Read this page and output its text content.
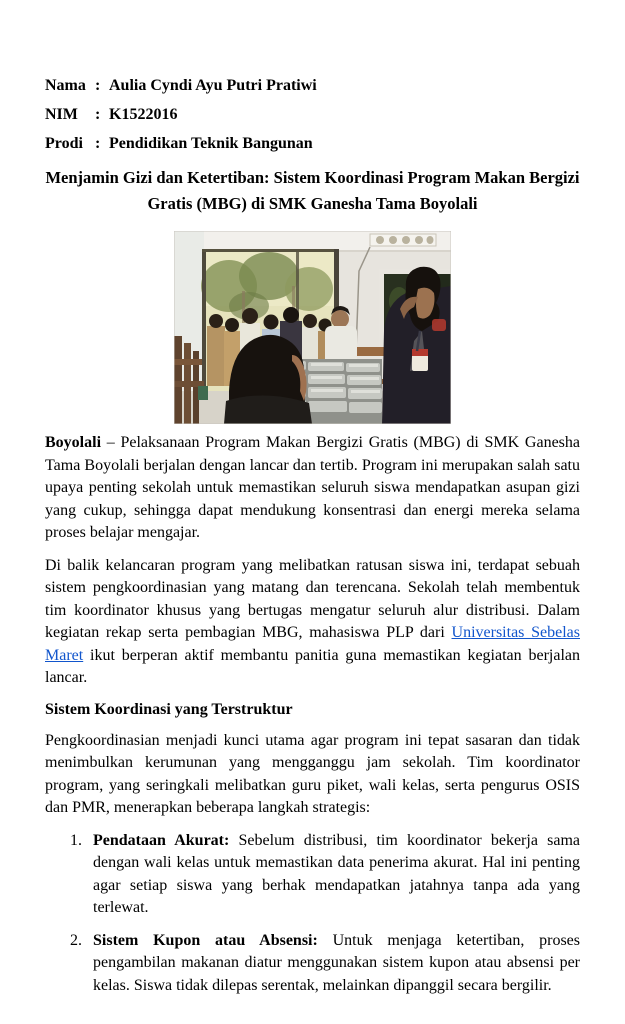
Nama : Aulia Cyndi Ayu Putri Pratiwi
NIM	: K1522016
Prodi : Pendidikan Teknik Bangunan
Menjamin Gizi dan Ketertiban: Sistem Koordinasi Program Makan Bergizi
Gratis (MBG) di SMK Ganesha Tama Boyolali

Boyolali – Pelaksanaan Program Makan Bergizi Gratis (MBG) di SMK Ganesha Tama Boyolali berjalan dengan lancar dan tertib. Program ini merupakan salah satu upaya penting sekolah untuk memastikan seluruh siswa mendapatkan asupan gizi yang cukup, sehingga dapat mendukung konsentrasi dan energi mereka selama proses belajar mengajar.

Di balik kelancaran program yang melibatkan ratusan siswa ini, terdapat sebuah sistem pengkoordinasian yang matang dan terencana. Sekolah telah membentuk tim koordinator khusus yang bertugas mengatur seluruh alur distribusi. Dalam kegiatan rekap serta pembagian MBG, mahasiswa PLP dari Universitas Sebelas Maret ikut berperan aktif membantu panitia guna memastikan kegiatan berjalan lancar.

Sistem Koordinasi yang Terstruktur

Pengkoordinasian menjadi kunci utama agar program ini tepat sasaran dan tidak menimbulkan kerumunan yang mengganggu jam sekolah. Tim koordinator program, yang seringkali melibatkan guru piket, wali kelas, serta pengurus OSIS dan PMR, menerapkan beberapa langkah strategis:

1. Pendataan Akurat: Sebelum distribusi, tim koordinator bekerja sama dengan wali kelas untuk memastikan data penerima akurat. Hal ini penting agar setiap siswa yang berhak mendapatkan jatahnya tanpa ada yang terlewat.
2. Sistem Kupon atau Absensi: Untuk menjaga ketertiban, proses pengambilan makanan diatur menggunakan sistem kupon atau absensi per kelas. Siswa tidak dilepas serentak, melainkan dipanggil secara bergilir.
